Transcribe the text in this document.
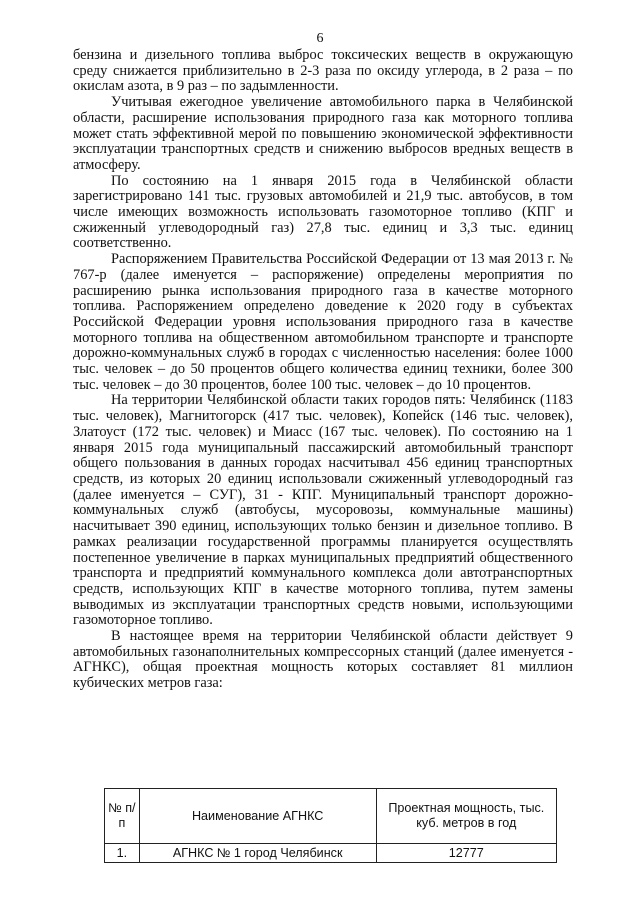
6

бензина и дизельного топлива выброс токсических веществ в окружающую среду снижается приблизительно в 2-3 раза по оксиду углерода, в 2 раза – по окислам азота, в 9 раз – по задымленности.

Учитывая ежегодное увеличение автомобильного парка в Челябинской области, расширение использования природного газа как моторного топлива может стать эффективной мерой по повышению экономической эффективности эксплуатации транспортных средств и снижению выбросов вредных веществ в атмосферу.

По состоянию на 1 января 2015 года в Челябинской области зарегистрировано 141 тыс. грузовых автомобилей и 21,9 тыс. автобусов, в том числе имеющих возможность использовать газомоторное топливо (КПГ и сжиженный углеводородный газ) 27,8 тыс. единиц и 3,3 тыс. единиц соответственно.

Распоряжением Правительства Российской Федерации от 13 мая 2013 г. № 767-р (далее именуется – распоряжение) определены мероприятия по расширению рынка использования природного газа в качестве моторного топлива. Распоряжением определено доведение к 2020 году в субъектах Российской Федерации уровня использования природного газа в качестве моторного топлива на общественном автомобильном транспорте и транспорте дорожно-коммунальных служб в городах с численностью населения: более 1000 тыс. человек – до 50 процентов общего количества единиц техники, более 300 тыс. человек – до 30 процентов, более 100 тыс. человек – до 10 процентов.

На территории Челябинской области таких городов пять: Челябинск (1183 тыс. человек), Магнитогорск (417 тыс. человек), Копейск (146 тыс. человек), Златоуст (172 тыс. человек) и Миасс (167 тыс. человек). По состоянию на 1 января 2015 года муниципальный пассажирский автомобильный транспорт общего пользования в данных городах насчитывал 456 единиц транспортных средств, из которых 20 единиц использовали сжиженный углеводородный газ (далее именуется – СУГ), 31 - КПГ. Муниципальный транспорт дорожно-коммунальных служб (автобусы, мусоровозы, коммунальные машины) насчитывает 390 единиц, использующих только бензин и дизельное топливо. В рамках реализации государственной программы планируется осуществлять постепенное увеличение в парках муниципальных предприятий общественного транспорта и предприятий коммунального комплекса доли автотранспортных средств, использующих КПГ в качестве моторного топлива, путем замены выводимых из эксплуатации транспортных средств новыми, использующими газомоторное топливо.

В настоящее время на территории Челябинской области действует 9 автомобильных газонаполнительных компрессорных станций (далее именуется - АГНКС), общая проектная мощность которых составляет 81 миллион кубических метров газа:

№ п/п	Наименование АГНКС	Проектная мощность, тыс. куб. метров в год
1.	АГНКС № 1 город Челябинск	12777
